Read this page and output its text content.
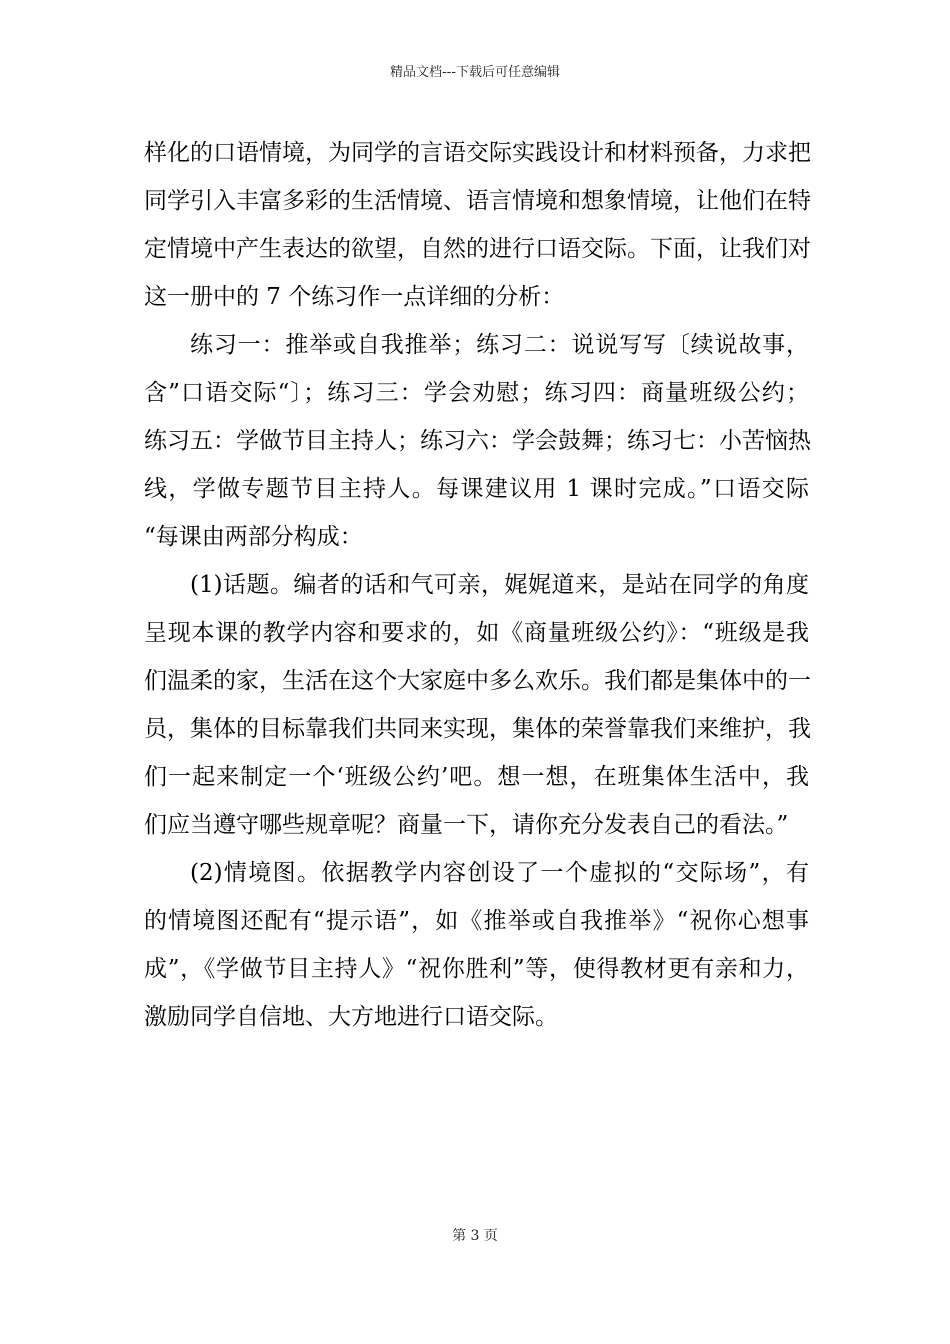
精品文档---下载后可任意编辑
样化的口语情境，为同学的言语交际实践设计和材料预备，力求把
同学引入丰富多彩的生活情境、语言情境和想象情境，让他们在特
定情境中产生表达的欲望，自然的进行口语交际。下面，让我们对
这一册中的 7 个练习作一点详细的分析：
练习一：推举或自我推举；练习二：说说写写〔续说故事，
含”口语交际“〕；练习三：学会劝慰；练习四：商量班级公约；
练习五：学做节目主持人；练习六：学会鼓舞；练习七：小苦恼热
线，学做专题节目主持人。每课建议用 1 课时完成。”口语交际
“每课由两部分构成：
(1)话题。编者的话和气可亲，娓娓道来，是站在同学的角度
呈现本课的教学内容和要求的，如《商量班级公约》：“班级是我
们温柔的家，生活在这个大家庭中多么欢乐。我们都是集体中的一
员，集体的目标靠我们共同来实现，集体的荣誉靠我们来维护，我
们一起来制定一个‘班级公约’吧。想一想，在班集体生活中，我
们应当遵守哪些规章呢？商量一下，请你充分发表自己的看法。”
(2)情境图。依据教学内容创设了一个虚拟的“交际场”，有
的情境图还配有“提示语”，如《推举或自我推举》“祝你心想事
成”，《学做节目主持人》“祝你胜利”等，使得教材更有亲和力，
激励同学自信地、大方地进行口语交际。
第 3 页
